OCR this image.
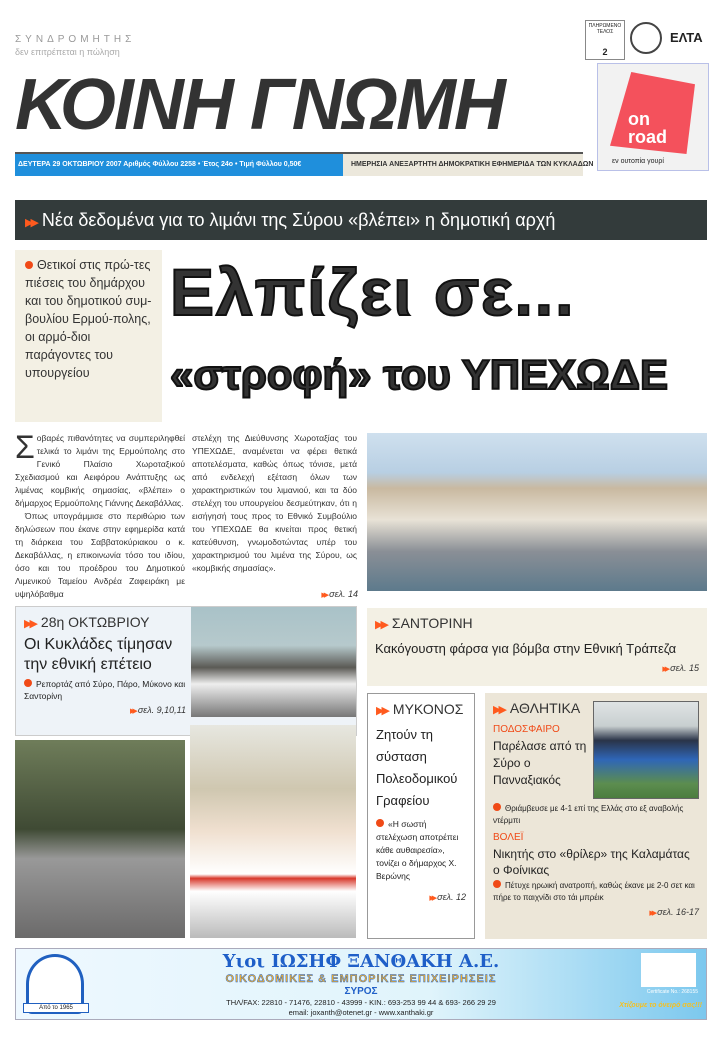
ΣΥΝΔΡΟΜΗΤΗΣ
δεν επιτρέπεται η πώληση
ΚΟΙΝΗ ΓΝΩΜΗ
ΔΕΥΤΕΡΑ 29 ΟΚΤΩΒΡΙΟΥ 2007 Αριθμός Φύλλου 2258 • Έτος 24ο • Τιμή Φύλλου 0,50€	ΗΜΕΡΗΣΙΑ ΑΝΕΞΑΡΤΗΤΗ ΔΗΜΟΚΡΑΤΙΚΗ ΕΦΗΜΕΡΙΔΑ ΤΩΝ ΚΥΚΛΑΔΩΝ
ΠΛΗΡΩΜΕΝΟ ΤΕΛΟΣ
2
ΕΛΤΑ
on
road
εν ουτοπία γουρί
▶▶ Νέα δεδομένα για το λιμάνι της Σύρου «βλέπει» η δημοτική αρχή
Θετικοί στις πρώ-τες πιέσεις του δημάρχου και του δημοτικού συμ-βουλίου Ερμού-πολης, οι αρμό-διοι παράγοντες του υπουργείου
Ελπίζει σε...
«στροφή» του ΥΠΕΧΩΔΕ
Σοβαρές πιθανότητες να συμπεριληφθεί τελικά το λιμάνι της Ερμούπολης στο Γενικό Πλαίσιο Χωροταξικού Σχεδιασμού και Αειφόρου Ανάπτυξης ως λιμένας κομβικής σημασίας, «βλέπει» ο δήμαρχος Ερμούπολης Γιάννης Δεκαβάλλας.

Όπως υπογράμμισε στο περιθώριο των δηλώσεων που έκανε στην εφημερίδα κατά τη διάρκεια του Σαββατοκύριακου ο κ. Δεκαβάλλας, η επικοινωνία τόσο του ιδίου, όσο και του προέδρου του Δημοτικού Λιμενικού Ταμείου Ανδρέα Ζαφειράκη με υψηλόβαθμα

στελέχη της Διεύθυνσης Χωροταξίας του ΥΠΕΧΩΔΕ, αναμένεται να φέρει θετικά αποτελέσματα, καθώς όπως τόνισε, μετά από ενδελεχή εξέταση όλων των χαρακτηριστικών του λιμανιού, και τα δύο στελέχη του υπουργείου δεσμεύτηκαν, ότι η εισήγησή τους προς το Εθνικό Συμβούλιο του ΥΠΕΧΩΔΕ θα κινείται προς θετική κατεύθυνση, γνωμοδοτώντας υπέρ του χαρακτηρισμού του λιμένα της Σύρου, ως «κομβικής σημασίας».
▶▶ σελ. 14
▶▶ 28η ΟΚΤΩΒΡΙΟΥ
Οι Κυκλάδες τίμησαν την εθνική επέτειο
Ρεπορτάζ από Σύρο, Πάρο, Μύκονο και Σαντορίνη
▶▶ σελ. 9,10,11
▶▶ ΣΑΝΤΟΡΙΝΗ
Κακόγουστη φάρσα για βόμβα στην Εθνική Τράπεζα
▶▶ σελ. 15
▶▶ ΜΥΚΟΝΟΣ
Ζητούν τη σύσταση Πολεοδομικού Γραφείου
«Η σωστή στελέχωση αποτρέπει κάθε αυθαιρεσία», τονίζει ο δήμαρχος Χ. Βερώνης
▶▶ σελ. 12
▶▶ ΑΘΛΗΤΙΚΑ
ΠΟΔΟΣΦΑΙΡΟ
Παρέλασε από τη Σύρο ο Πανναξιακός
Θριάμβευσε με 4-1 επί της Ελλάς στο εξ αναβολής ντέρμπι
ΒΟΛΕΪ
Νικητής στο «θρίλερ» της Καλαμάτας ο Φοίνικας
Πέτυχε ηρωική ανατροπή, καθώς έκανε με 2-0 σετ και πήρε το παιχνίδι στο τάι μπρέικ
▶▶ σελ. 16-17
Από το 1965
Υιοι ΙΩΣΗΦ ΞΑΝΘΑΚΗ Α.Ε.
ΟΙΚΟΔΟΜΙΚΕΣ & ΕΜΠΟΡΙΚΕΣ ΕΠΙΧΕΙΡΗΣΕΙΣ
ΣΥΡΟΣ
ΤΗΛ/FAX: 22810 - 71476, 22810 - 43999 - ΚΙΝ.: 693-253 99 44 & 693- 266 29 29
email: joxanth@otenet.gr - www.xanthaki.gr
Certificate No.: 268155
Χτίζουμε το όνειρό σας!!!
